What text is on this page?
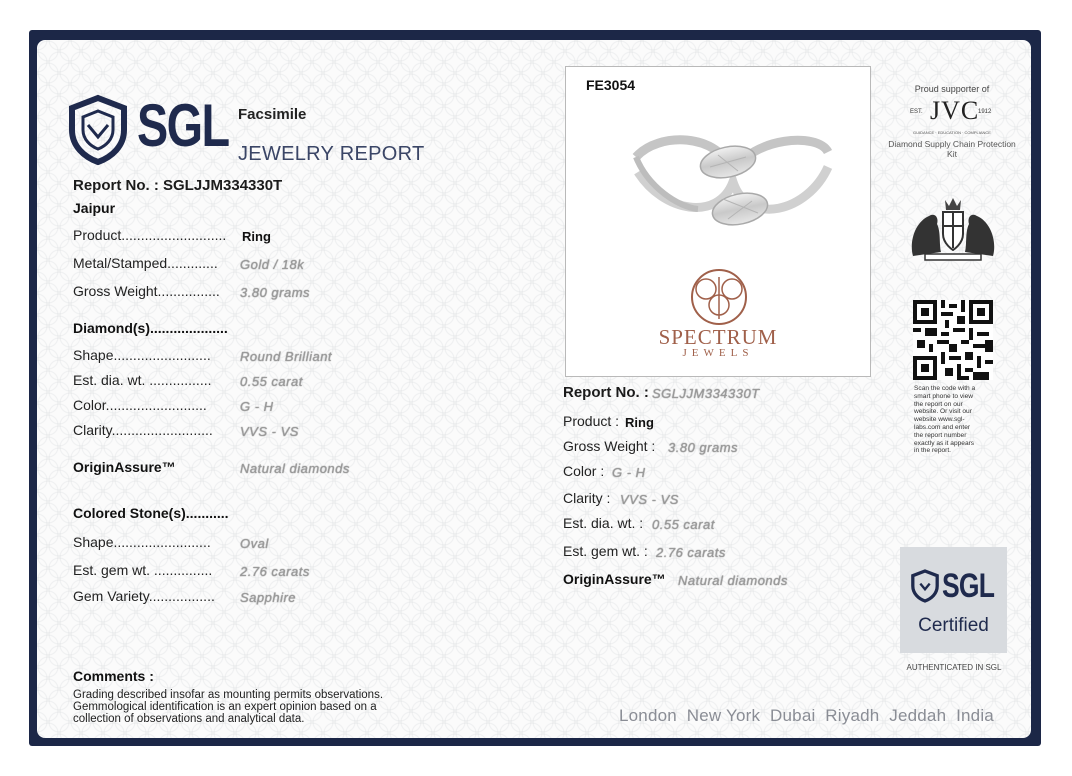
SGL Facsimile
JEWELRY REPORT
Report No. : SGLJJM334330T
Jaipur
Product........................... Ring
Metal/Stamped............. Gold / 18k
Gross Weight................ 3.80 grams
Diamond(s)....................
Shape......................... Round Brilliant
Est. dia. wt. ................ 0.55 carat
Color..........................	G - H
Clarity.......................... VVS - VS
OriginAssure™	Natural diamonds
Colored Stone(s)...........
Shape......................... Oval
Est. gem wt. ............... 2.76 carats
Gem Variety................. Sapphire
Comments :
Grading described insofar as mounting permits observations.
Gemmological identification is an expert opinion based on a
collection of observations and analytical data.
FE3054
SPECTRUM
JEWELS
Report No. : SGLJJM334330T
Product : Ring
Gross Weight : 3.80 grams
Color : G - H
Clarity : VVS - VS
Est. dia. wt. : 0.55 carat
Est. gem wt. : 2.76 carats
OriginAssure™ Natural diamonds
Proud supporter of
EST. JVC
1912
GUIDANCE · EDUCATION · COMPLIANCE
Diamond Supply Chain Protection Kit
Scan the code with a
smart phone to view
the report on our
website. Or visit our
website www.sgl-
labs.com and enter
the report number
exactly as it appears
in the report.
SGL
Certified
AUTHENTICATED IN SGL
London  New York  Dubai  Riyadh  Jeddah  India
